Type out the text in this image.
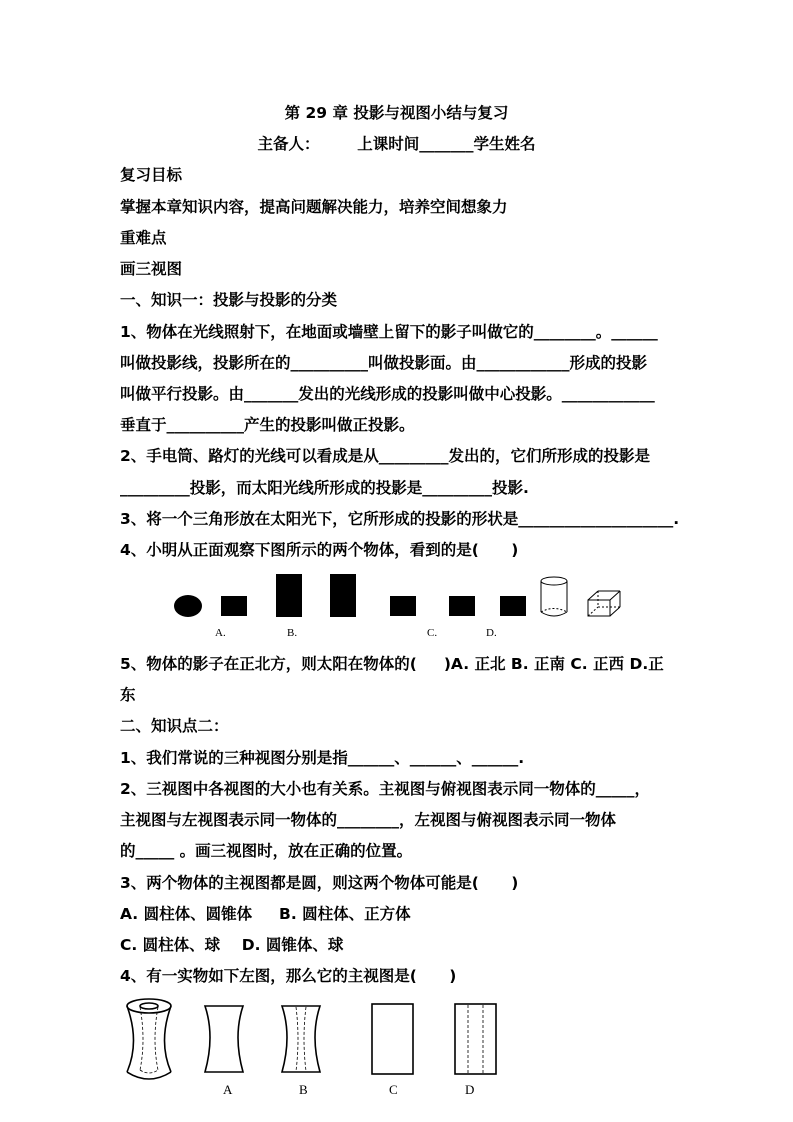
第 29 章 投影与视图小结与复习
主备人：       上课时间_______学生姓名
复习目标
掌握本章知识内容，提高问题解决能力，培养空间想象力
重难点
画三视图
一、知识一：投影与投影的分类
1、物体在光线照射下，在地面或墙壁上留下的影子叫做它的________。______
叫做投影线，投影所在的__________叫做投影面。由____________形成的投影
叫做平行投影。由_______发出的光线形成的投影叫做中心投影。____________
垂直于__________产生的投影叫做正投影。
2、手电筒、路灯的光线可以看成是从_________发出的，它们所形成的投影是
_________投影，而太阳光线所形成的投影是_________投影.
3、将一个三角形放在太阳光下，它所形成的投影的形状是____________________.
4、小明从正面观察下图所示的两个物体，看到的是(      )
A.	B.	C.	D.
5、物体的影子在正北方，则太阳在物体的(     )A. 正北 B. 正南 C. 正西 D.正
东
二、知识点二：
1、我们常说的三种视图分别是指______、______、______.
2、三视图中各视图的大小也有关系。主视图与俯视图表示同一物体的_____，
主视图与左视图表示同一物体的________，左视图与俯视图表示同一物体
的_____ 。画三视图时，放在正确的位置。
3、两个物体的主视图都是圆，则这两个物体可能是(      )
A. 圆柱体、圆锥体     B. 圆柱体、正方体
C. 圆柱体、球    D. 圆锥体、球
4、有一实物如下左图，那么它的主视图是(      )
A	B	C	D
